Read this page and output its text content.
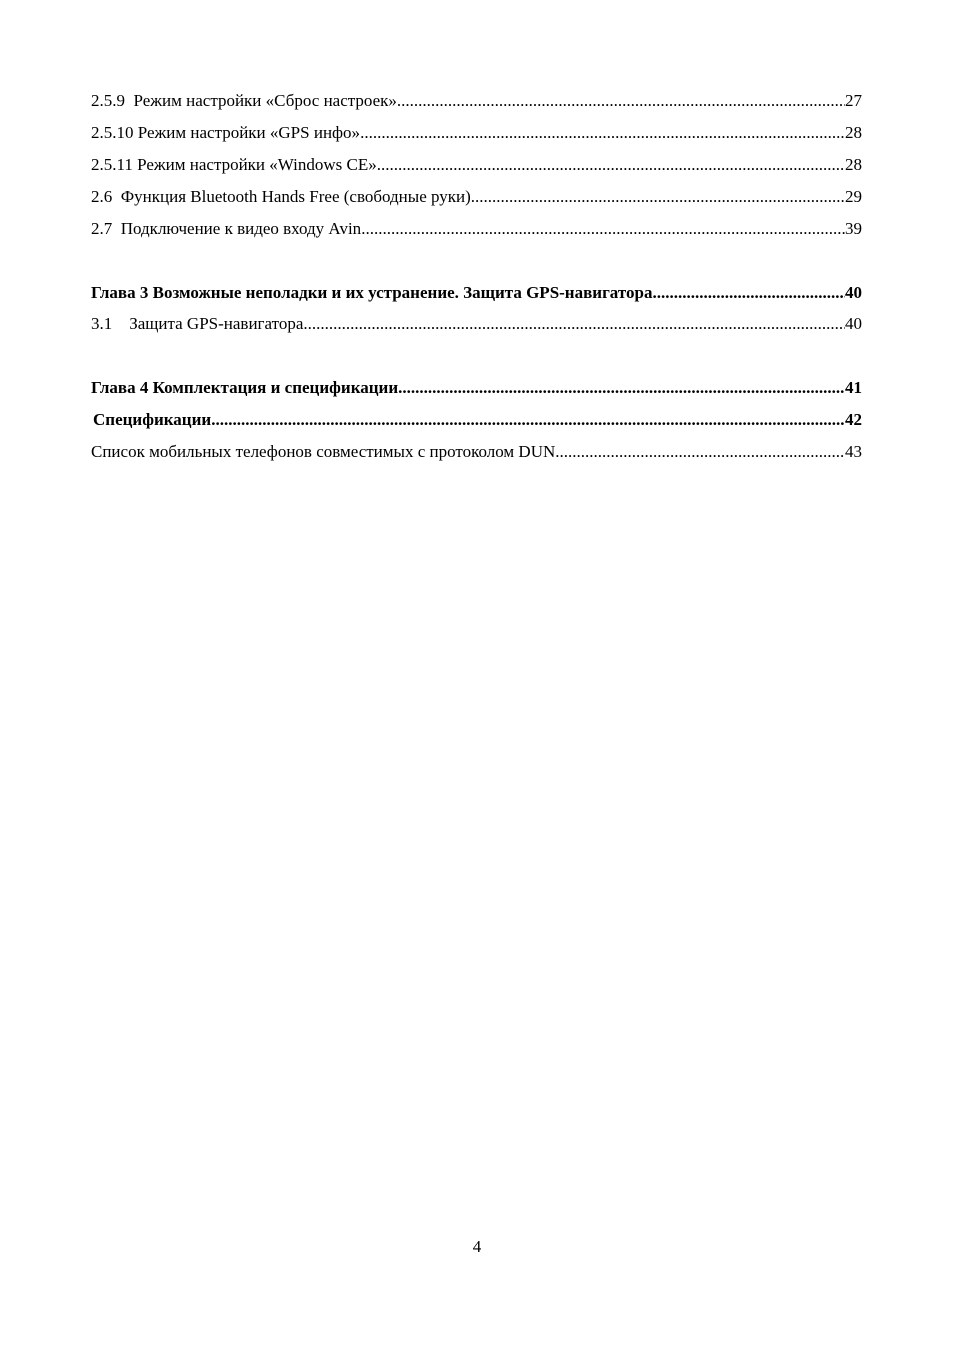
2.5.9 Режим настройки «Сброс настроек» .....	27
2.5.10 Режим настройки «GPS инфо» .....	28
2.5.11 Режим настройки «Windows CE» .....	28
2.6 Функция Bluetooth Hands Free (свободные руки) .....	29
2.7 Подключение к видео входу Avin .....	39
Глава 3 Возможные неполадки и их устранение. Защита GPS-навигатора .....	40
3.1 Защита GPS-навигатора .....	40
Глава 4 Комплектация и спецификации .....	41
Спецификации .....	42
Список мобильных телефонов совместимых с протоколом DUN .....	43
4
